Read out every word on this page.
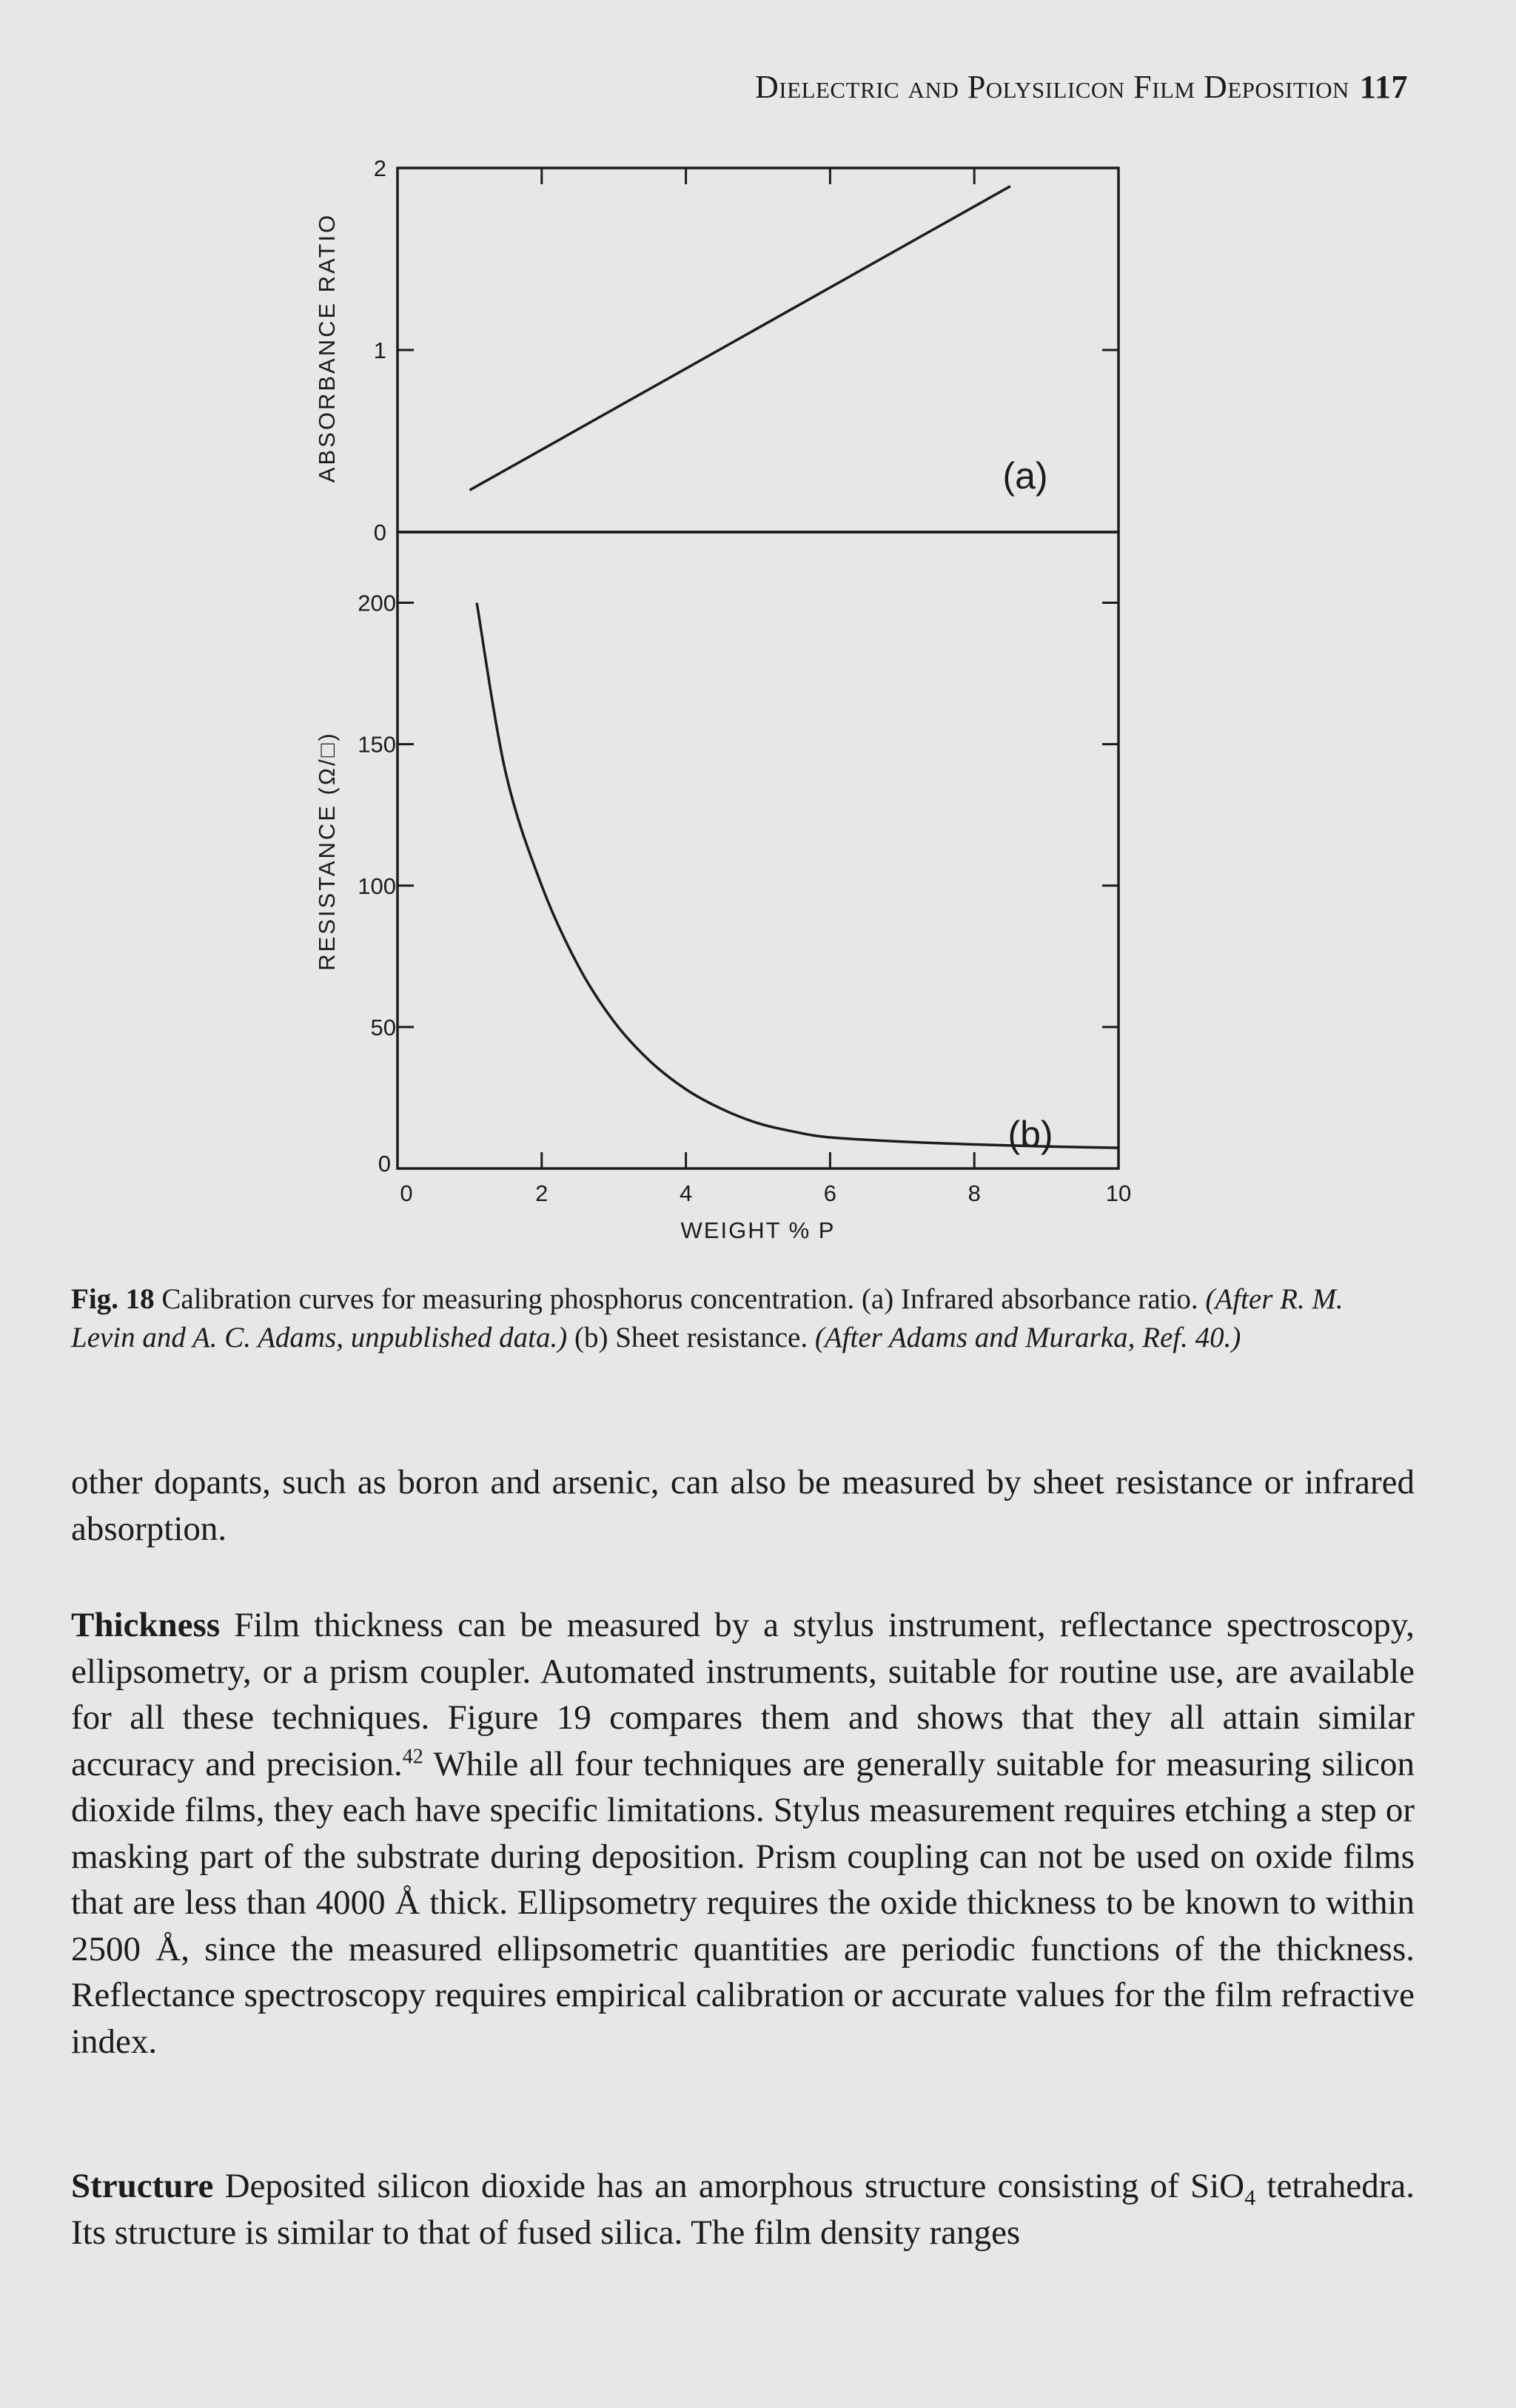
Dielectric and Polysilicon Film Deposition 117
0
1
2
ABSORBANCE RATIO	(a)
0
50
100
150
200
0	2	4	6	8	10
RESISTANCE (Ω/□)
WEIGHT % P
(b)
Fig. 18 Calibration curves for measuring phosphorus concentration. (a) Infrared absorbance ratio. (After R. M. Levin and A. C. Adams, unpublished data.) (b) Sheet resistance. (After Adams and Murarka, Ref. 40.)
other dopants, such as boron and arsenic, can also be measured by sheet resistance or infrared absorption.
Thickness Film thickness can be measured by a stylus instrument, reflectance spectroscopy, ellipsometry, or a prism coupler. Automated instruments, suitable for routine use, are available for all these techniques. Figure 19 compares them and shows that they all attain similar accuracy and precision.$^{42}$ While all four techniques are generally suitable for measuring silicon dioxide films, they each have specific limitations. Stylus measurement requires etching a step or masking part of the substrate during deposition. Prism coupling can not be used on oxide films that are less than 4000 Å thick. Ellipsometry requires the oxide thickness to be known to within 2500 Å, since the measured ellipsometric quantities are periodic functions of the thickness. Reflectance spectroscopy requires empirical calibration or accurate values for the film refractive index.
Structure Deposited silicon dioxide has an amorphous structure consisting of SiO$_4$ tetrahedra. Its structure is similar to that of fused silica. The film density ranges
